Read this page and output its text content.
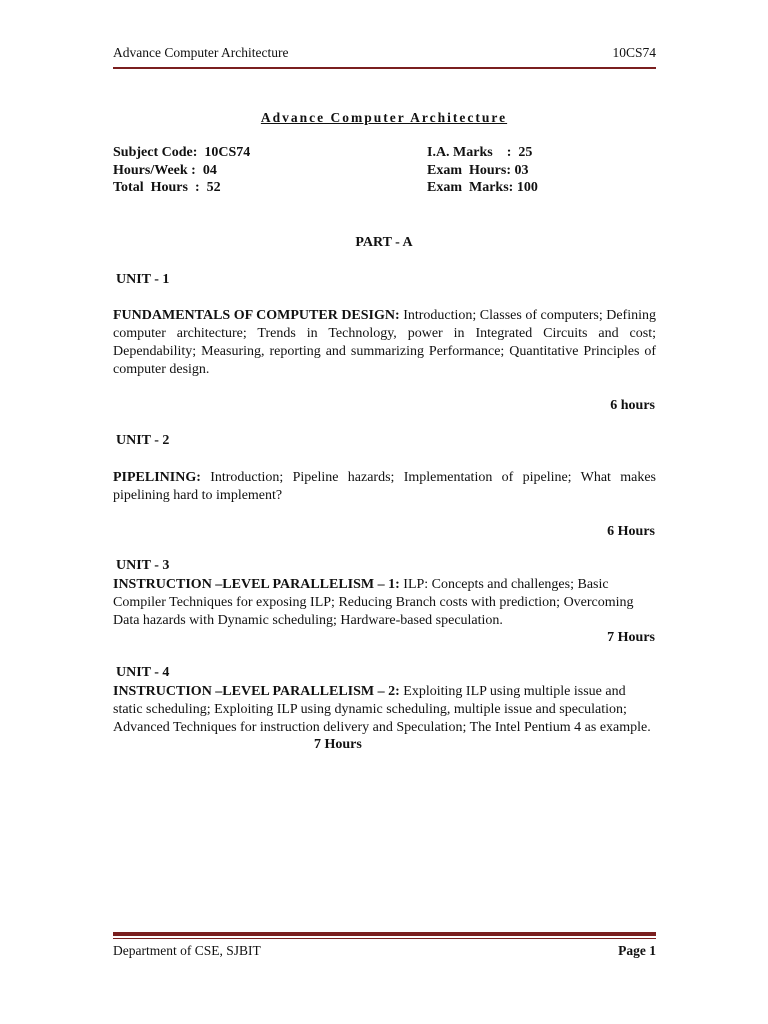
Advance Computer Architecture	10CS74
Advance Computer Architecture
Subject Code:  10CS74
Hours/Week :  04
Total  Hours  :  52
I.A. Marks    :  25
Exam  Hours: 03
Exam  Marks: 100
PART - A
UNIT - 1
FUNDAMENTALS OF COMPUTER DESIGN: Introduction; Classes of computers; Defining computer architecture; Trends in Technology, power in Integrated Circuits and cost; Dependability; Measuring, reporting and summarizing Performance; Quantitative Principles of computer design.
6 hours
UNIT - 2
PIPELINING: Introduction; Pipeline hazards; Implementation of pipeline; What makes pipelining hard to implement?
6 Hours
UNIT - 3
INSTRUCTION –LEVEL PARALLELISM – 1: ILP: Concepts and challenges; Basic Compiler Techniques for exposing ILP; Reducing Branch costs with prediction; Overcoming Data hazards with Dynamic scheduling; Hardware-based speculation.
7 Hours
UNIT - 4
INSTRUCTION –LEVEL PARALLELISM – 2: Exploiting ILP using multiple issue and static scheduling; Exploiting ILP using dynamic scheduling, multiple issue and speculation; Advanced Techniques for instruction delivery and Speculation; The Intel Pentium 4 as example.
7 Hours
Department of CSE, SJBIT	Page 1
